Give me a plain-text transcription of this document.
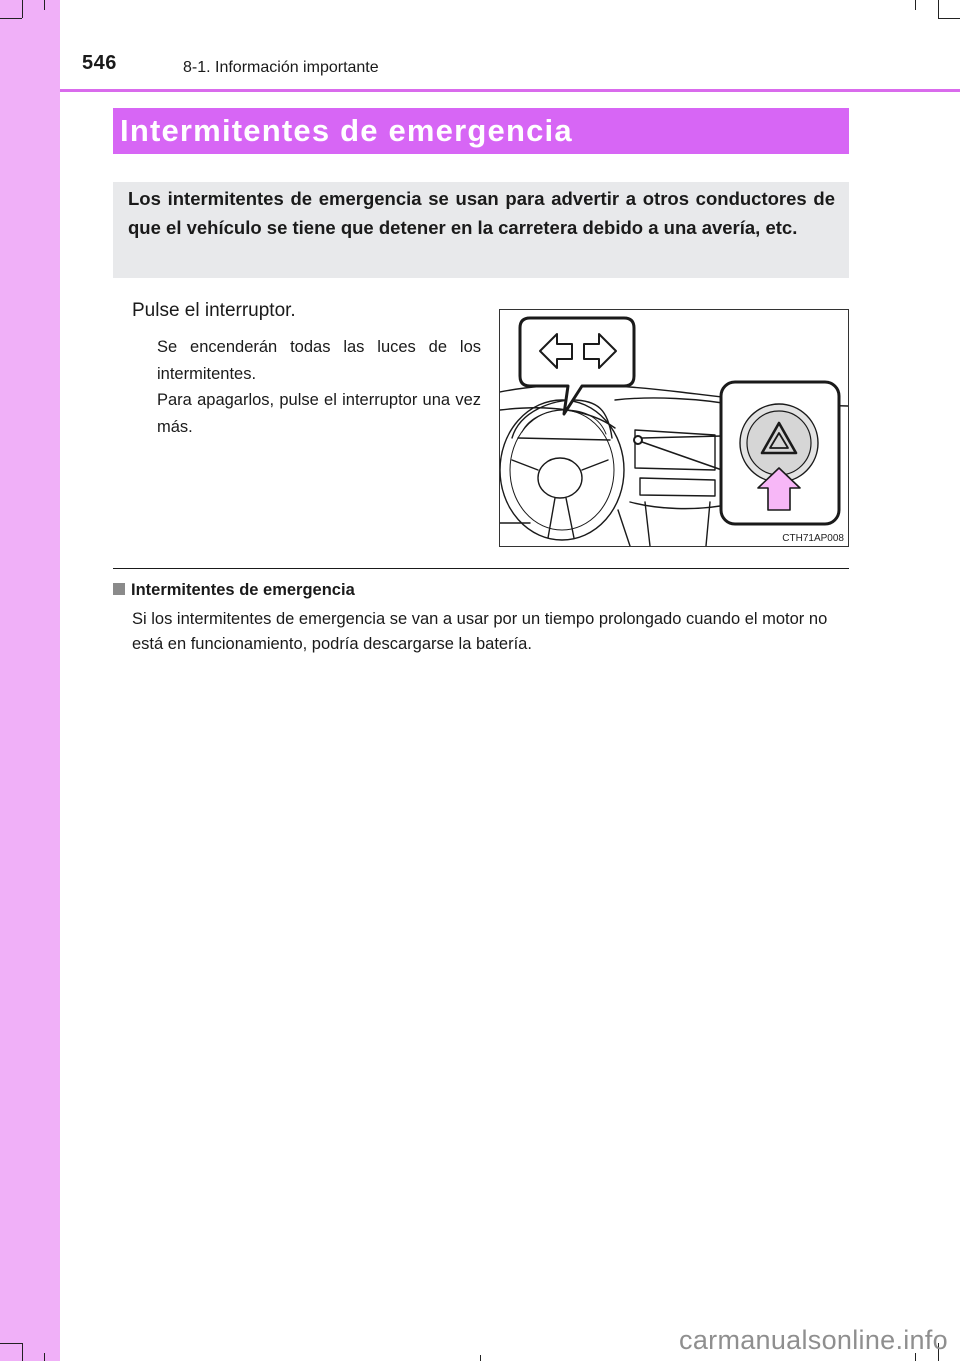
546	8-1. Información importante
Intermitentes de emergencia
Los intermitentes de emergencia se usan para advertir a otros conductores de que el vehículo se tiene que detener en la carretera debido a una avería, etc.
Pulse el interruptor.

Se encenderán todas las luces de los intermitentes.

Para apagarlos, pulse el interruptor una vez más.

CTH71AP008
Intermitentes de emergencia
Si los intermitentes de emergencia se van a usar por un tiempo prolongado cuando el motor no está en funcionamiento, podría descargarse la batería.
carmanualsonline.info
